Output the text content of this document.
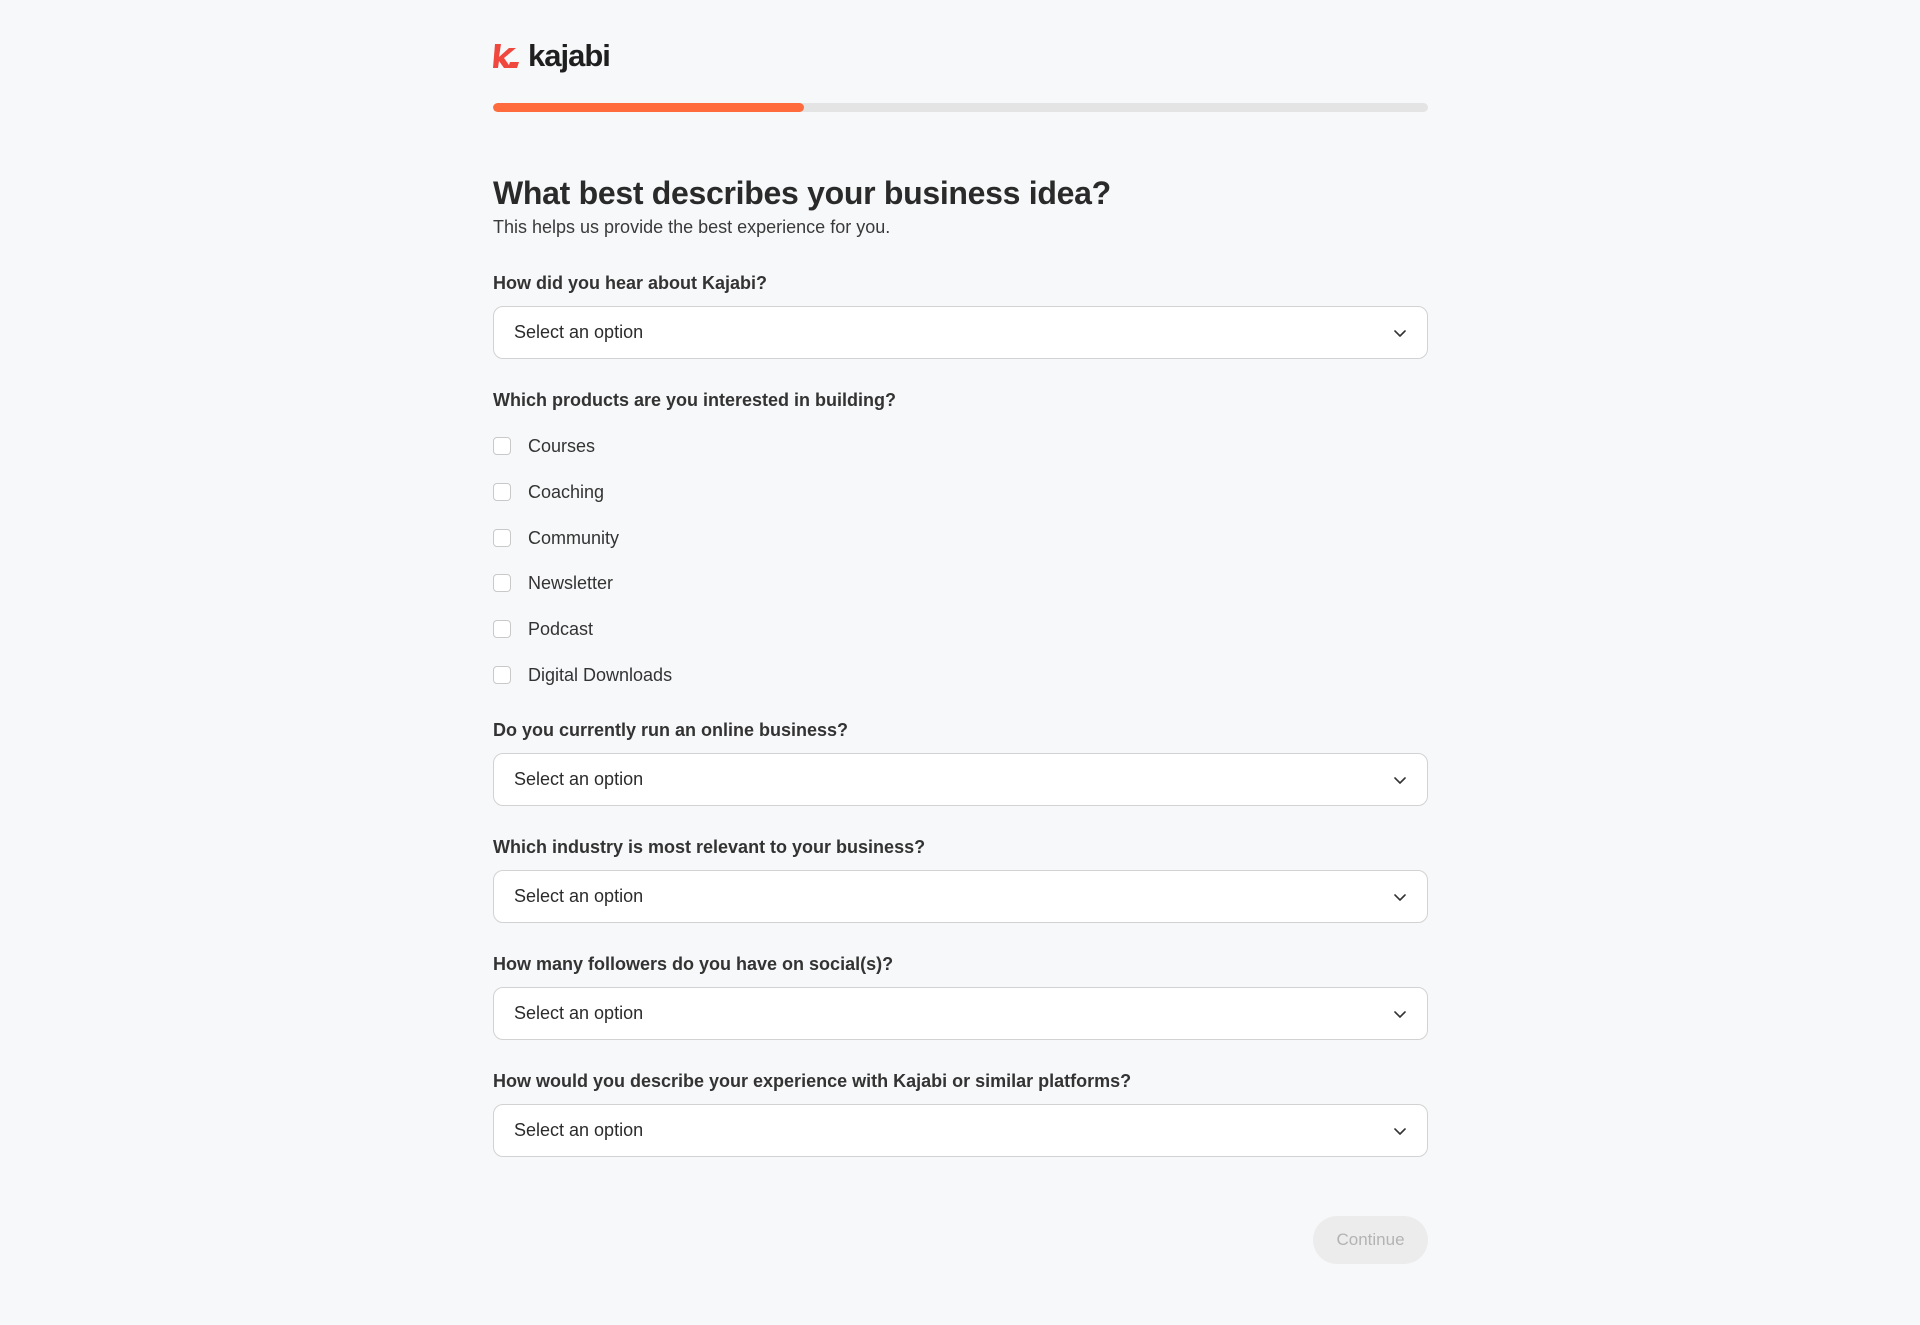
kajabi
What best describes your business idea?
This helps us provide the best experience for you.
How did you hear about Kajabi?
Select an option
Which products are you interested in building?
Courses
Coaching
Community
Newsletter
Podcast
Digital Downloads
Do you currently run an online business?
Select an option
Which industry is most relevant to your business?
Select an option
How many followers do you have on social(s)?
Select an option
How would you describe your experience with Kajabi or similar platforms?
Select an option
Continue
